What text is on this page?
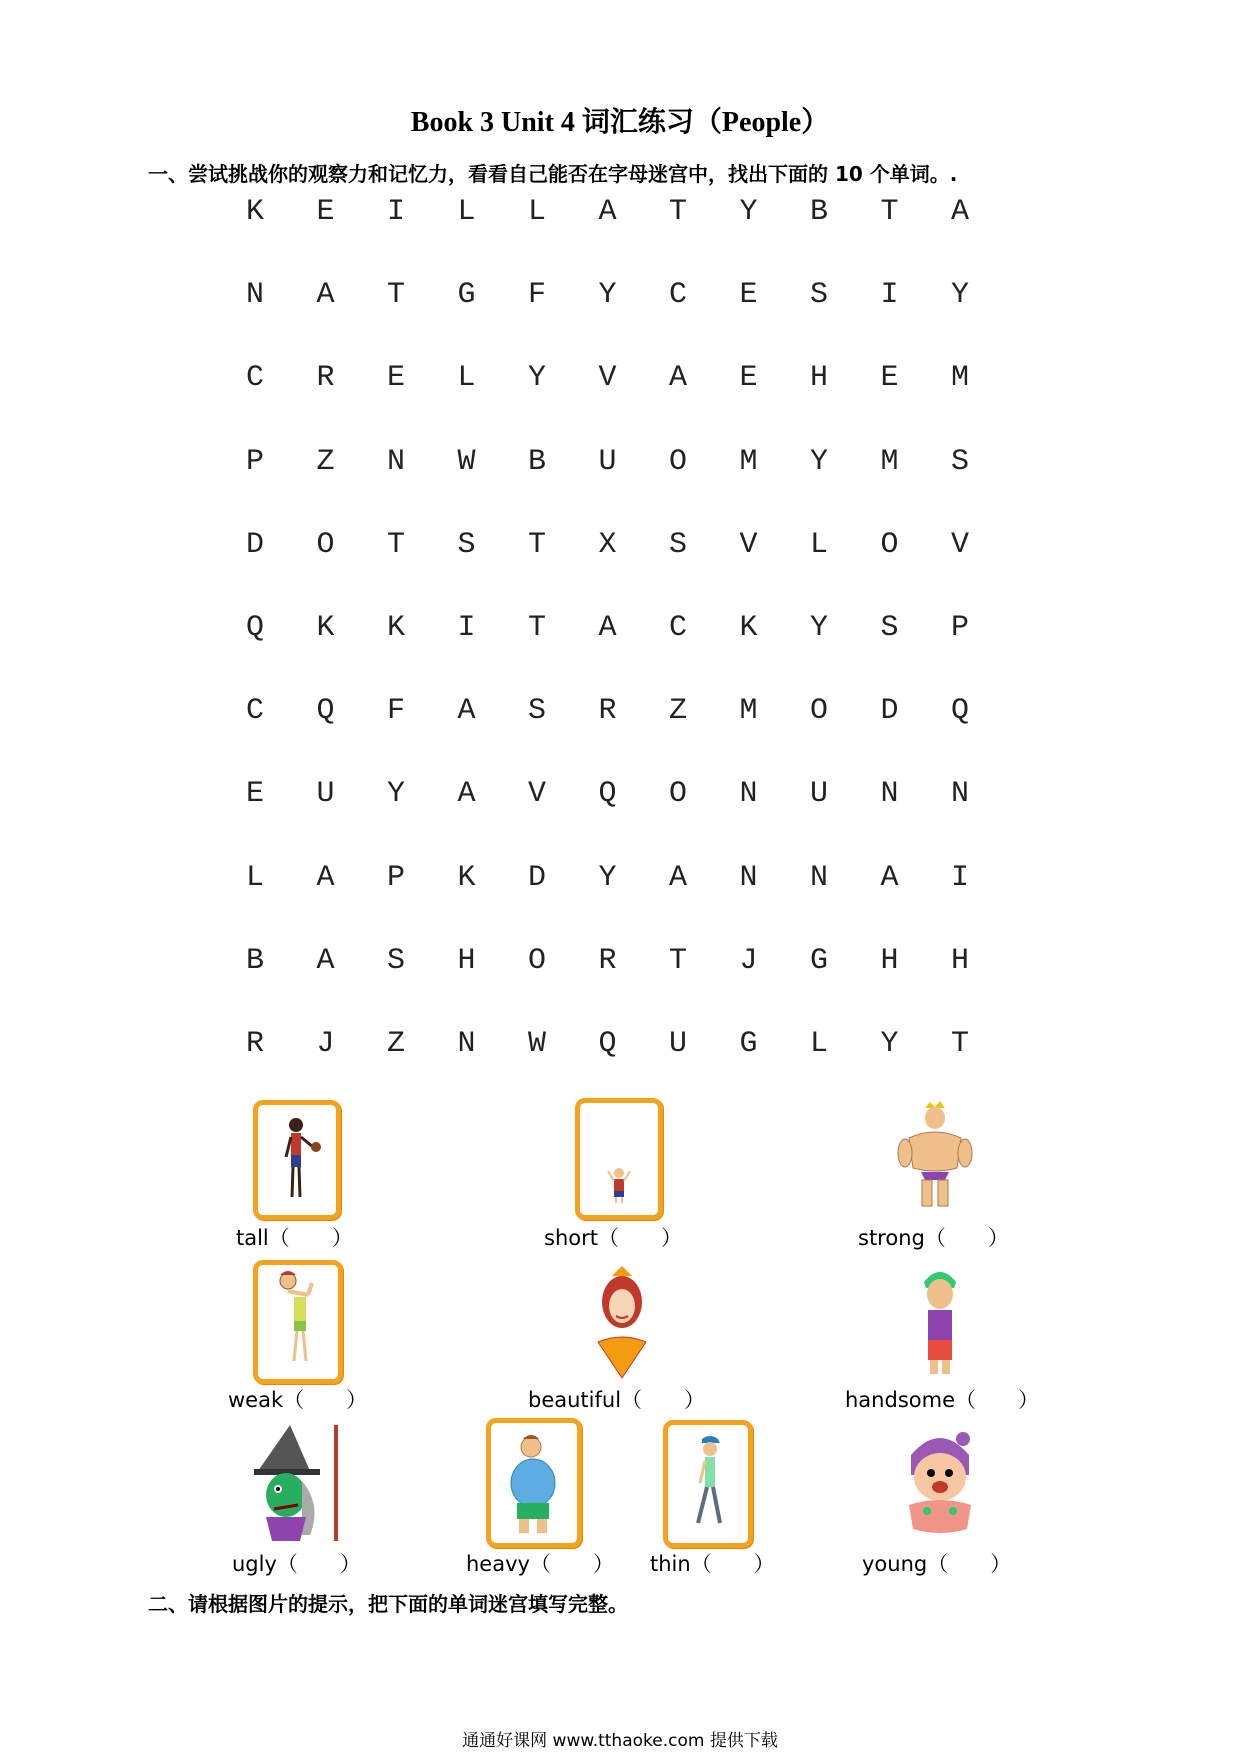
Book 3 Unit 4 词汇练习（People）
一、尝试挑战你的观察力和记忆力，看看自己能否在字母迷宫中，找出下面的 10 个单词。.
K	E	I	L	L	A	T	Y	B	T	A
N	A	T	G	F	Y	C	E	S	I	Y
C	R	E	L	Y	V	A	E	H	E	M
P	Z	N	W	B	U	O	M	Y	M	S
D	O	T	S	T	X	S	V	L	O	V
Q	K	K	I	T	A	C	K	Y	S	P
C	Q	F	A	S	R	Z	M	O	D	Q
E	U	Y	A	V	Q	O	N	U	N	N
L	A	P	K	D	Y	A	N	N	A	I
B	A	S	H	O	R	T	J	G	H	H
R	J	Z	N	W	Q	U	G	L	Y	T
tall（　　）	short（　　）	strong（　　）
weak（　　）	beautiful（　　）	handsome（　　）
ugly（　　）	heavy（　　） thin（　　）	young（　　）
二、请根据图片的提示，把下面的单词迷宫填写完整。
通通好课网 www.tthaoke.com 提供下载
